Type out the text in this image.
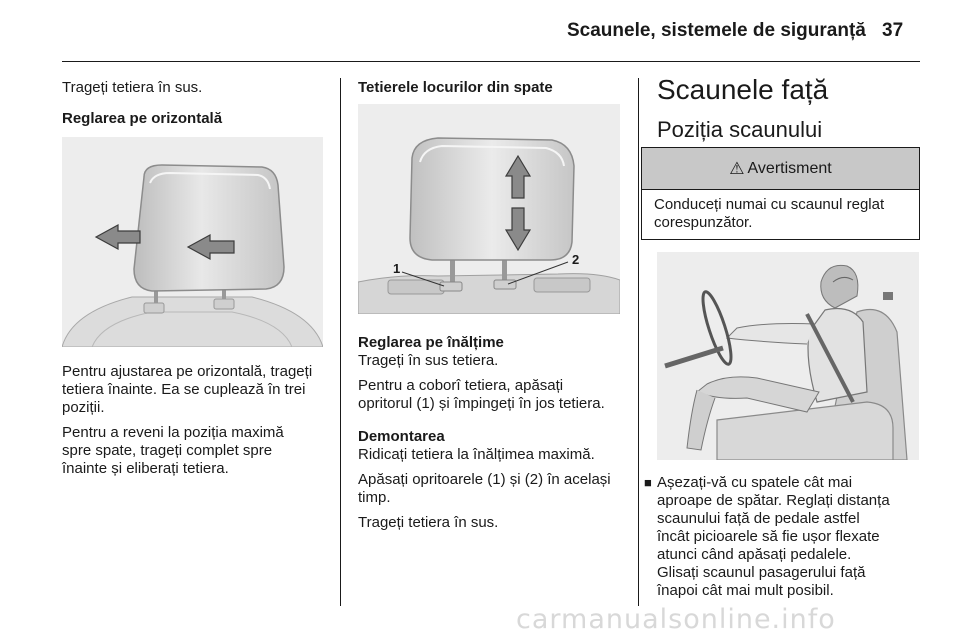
Scaunele, sistemele de siguranță 37
Trageți tetiera în sus.
Reglarea pe orizontală
Pentru ajustarea pe orizontală, trageți
tetiera înainte. Ea se cuplează în trei
poziții.
Pentru a reveni la poziția maximă
spre spate, trageți complet spre
înainte și eliberați tetiera.
Tetierele locurilor din spate
1
2
Reglarea pe înălțime
Trageți în sus tetiera.
Pentru a coborî tetiera, apăsați
opritorul (1) și împingeți în jos tetiera.
Demontarea
Ridicați tetiera la înălțimea maximă.
Apăsați opritoarele (1) și (2) în același
timp.
Trageți tetiera în sus.
Scaunele față
Poziția scaunului
⚠ Avertisment
Conduceți numai cu scaunul reglat
corespunzător.
■ Așezați-vă cu spatele cât mai
aproape de spătar. Reglați distanța
scaunului față de pedale astfel
încât picioarele să fie ușor flexate
atunci când apăsați pedalele.
Glisați scaunul pasagerului față
înapoi cât mai mult posibil.
carmanualsonline.info
